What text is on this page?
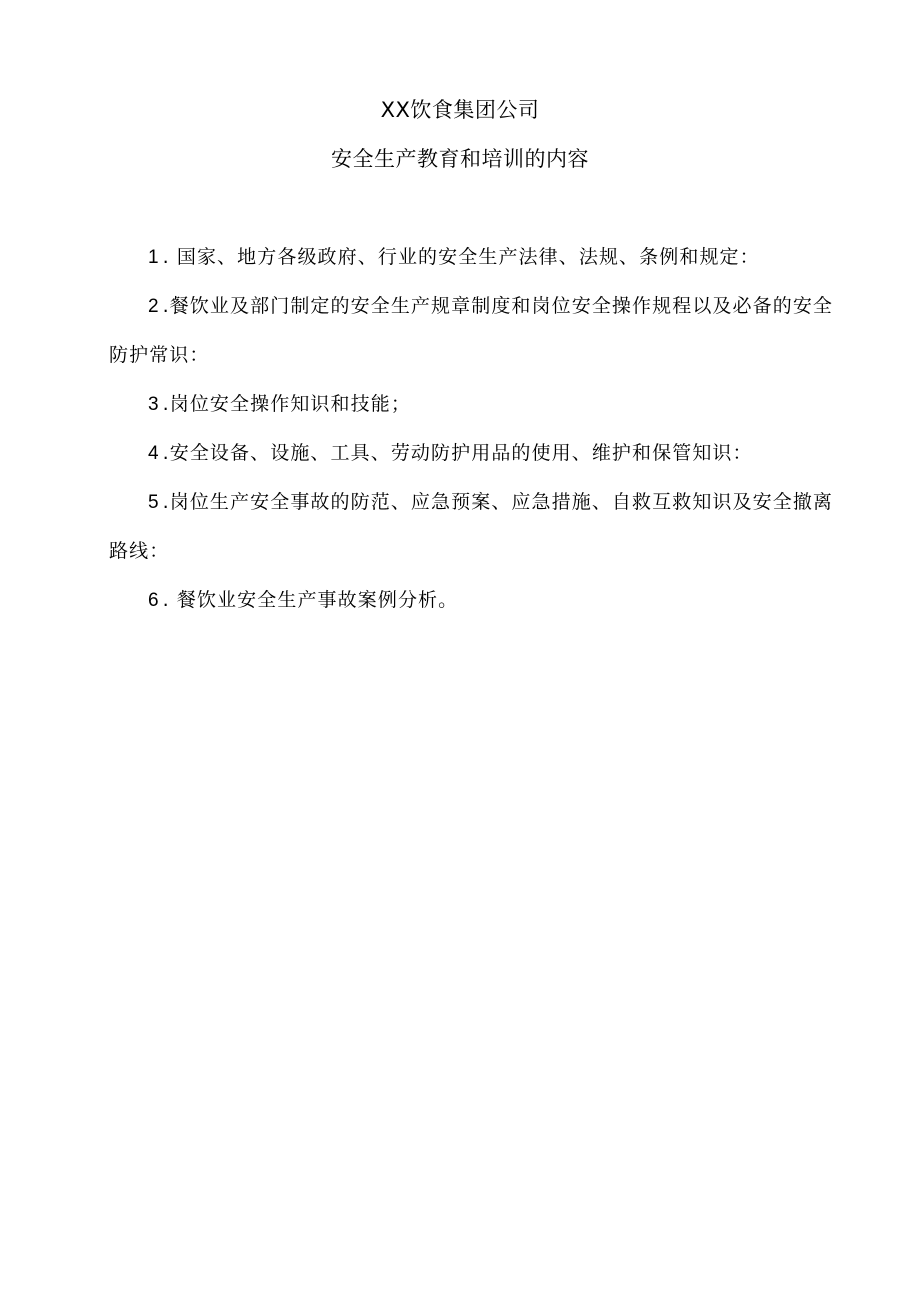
XX饮食集团公司
安全生产教育和培训的内容

1 . 国家、地方各级政府、行业的安全生产法律、法规、条例和规定：

2 .餐饮业及部门制定的安全生产规章制度和岗位安全操作规程以及必备的安全防护常识：

3 .岗位安全操作知识和技能；

4 .安全设备、设施、工具、劳动防护用品的使用、维护和保管知识：

5 .岗位生产安全事故的防范、应急预案、应急措施、自救互救知识及安全撤离路线：

6 . 餐饮业安全生产事故案例分析。
